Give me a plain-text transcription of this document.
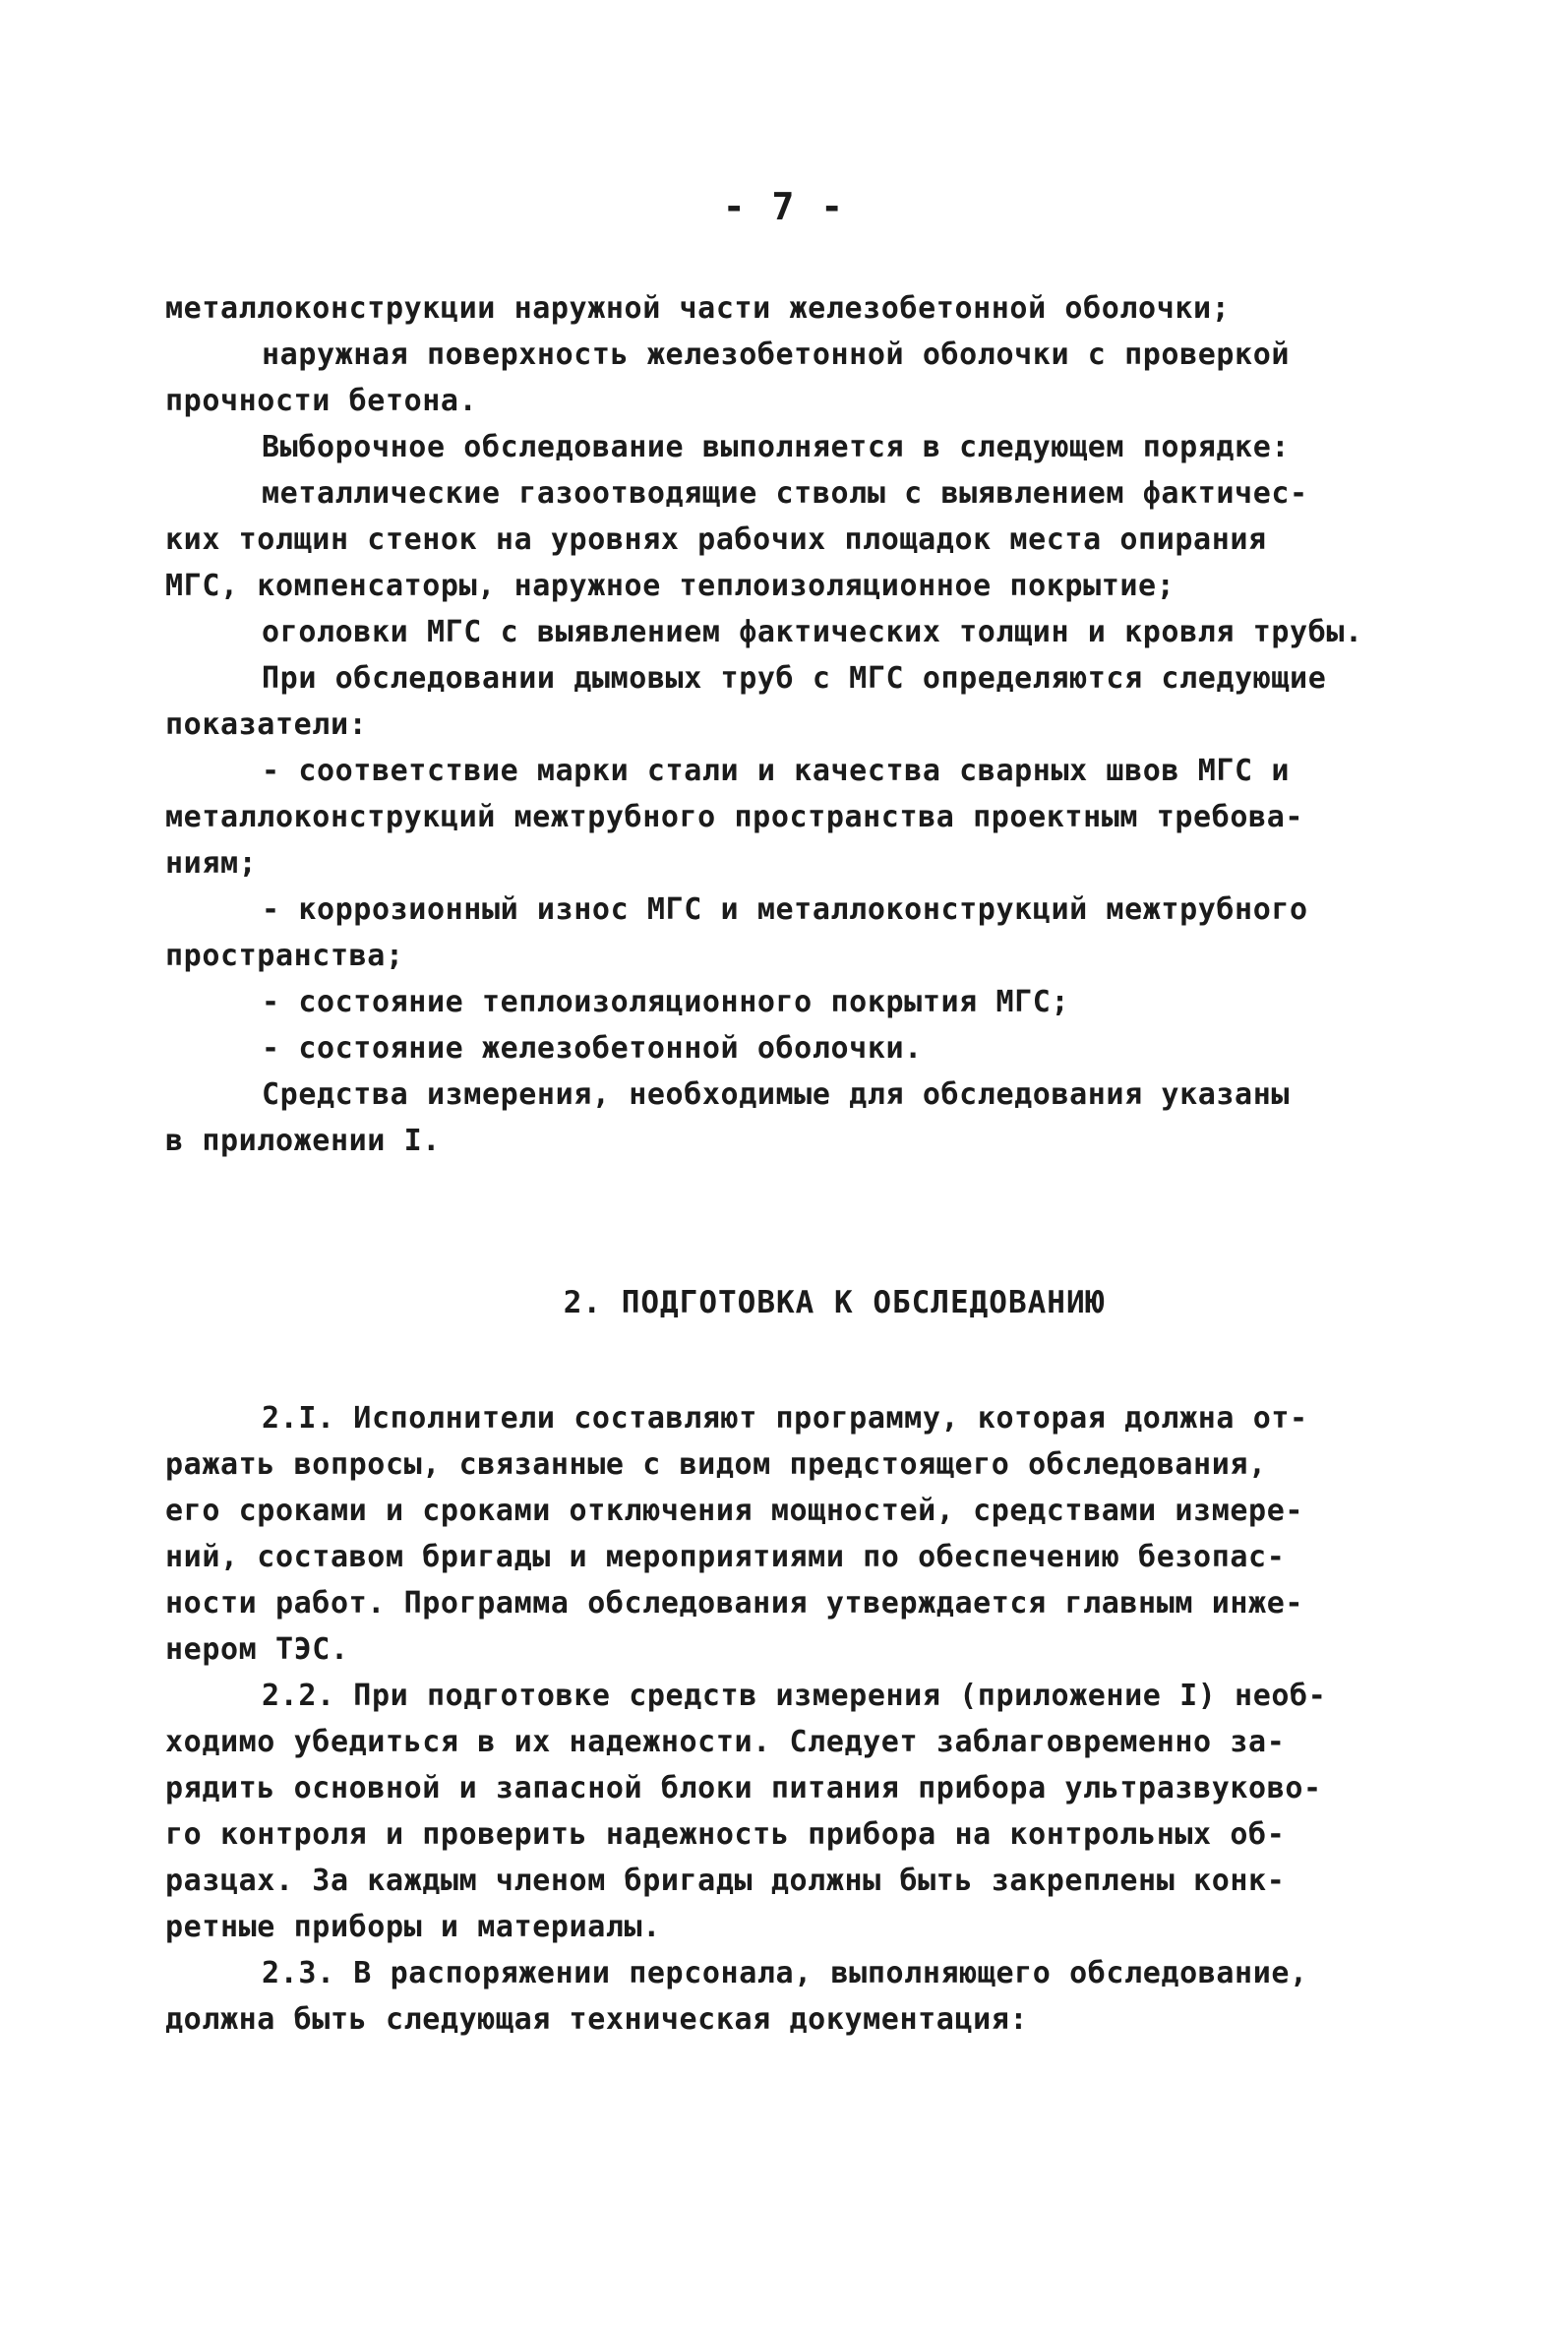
- 7 -
металлоконструкции наружной части железобетонной оболочки;
наружная поверхность железобетонной оболочки с проверкой
прочности бетона.
Выборочное обследование выполняется в следующем порядке:
металлические газоотводящие стволы с выявлением фактичес-
ких толщин стенок на уровнях рабочих площадок места опирания
МГС, компенсаторы, наружное теплоизоляционное покрытие;
оголовки МГС с выявлением фактических толщин и кровля трубы.
При обследовании дымовых труб с МГС определяются следующие
показатели:
- соответствие марки стали и качества сварных швов МГС и
металлоконструкций межтрубного пространства проектным требова-
ниям;
- коррозионный износ МГС и металлоконструкций межтрубного
пространства;
- состояние теплоизоляционного покрытия МГС;
- состояние железобетонной оболочки.
Средства измерения, необходимые для обследования указаны
в приложении I.
2. ПОДГОТОВКА К ОБСЛЕДОВАНИЮ
2.I. Исполнители составляют программу, которая должна от-
ражать вопросы, связанные с видом предстоящего обследования,
его сроками и сроками отключения мощностей, средствами измере-
ний, составом бригады и мероприятиями по обеспечению безопас-
ности работ. Программа обследования утверждается главным инже-
нером ТЭС.
2.2. При подготовке средств измерения (приложение I) необ-
ходимо убедиться в их надежности. Следует заблаговременно за-
рядить основной и запасной блоки питания прибора ультразвуково-
го контроля и проверить надежность прибора на контрольных об-
разцах. За каждым членом бригады должны быть закреплены конк-
ретные приборы и материалы.
2.3. В распоряжении персонала, выполняющего обследование,
должна быть следующая техническая документация:
